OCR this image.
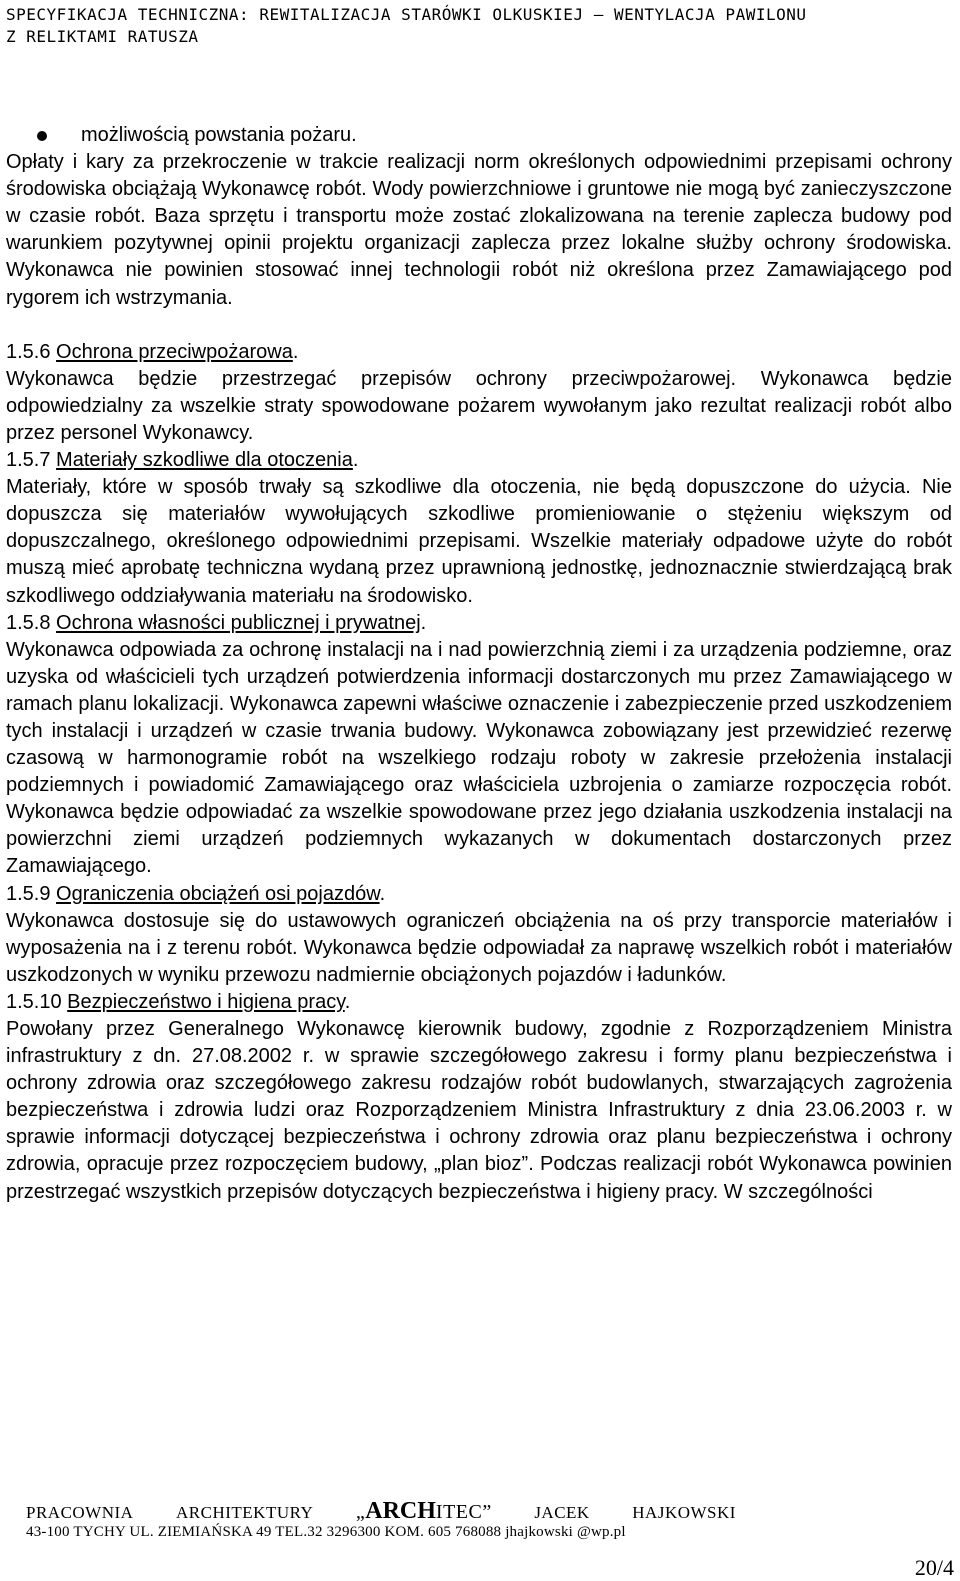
SPECYFIKACJA TECHNICZNA: REWITALIZACJA STARÓWKI OLKUSKIEJ – WENTYLACJA PAWILONU
Z RELIKTAMI RATUSZA

możliwością powstania pożaru.

Opłaty i kary za przekroczenie w trakcie realizacji norm określonych odpowiednimi przepisami ochrony środowiska obciążają Wykonawcę robót. Wody powierzchniowe i gruntowe nie mogą być zanieczyszczone w czasie robót. Baza sprzętu i transportu może zostać zlokalizowana na terenie zaplecza budowy pod warunkiem pozytywnej opinii projektu organizacji zaplecza przez lokalne służby ochrony środowiska. Wykonawca nie powinien stosować innej technologii robót niż określona przez Zamawiającego pod rygorem ich wstrzymania.

1.5.6 Ochrona przeciwpożarowa.

Wykonawca będzie przestrzegać przepisów ochrony przeciwpożarowej. Wykonawca będzie odpowiedzialny za wszelkie straty spowodowane pożarem wywołanym jako rezultat realizacji robót albo przez personel Wykonawcy.

1.5.7 Materiały szkodliwe dla otoczenia.

Materiały, które w sposób trwały są szkodliwe dla otoczenia, nie będą dopuszczone do użycia. Nie dopuszcza się materiałów wywołujących szkodliwe promieniowanie o stężeniu większym od dopuszczalnego, określonego odpowiednimi przepisami. Wszelkie materiały odpadowe użyte do robót muszą mieć aprobatę techniczna wydaną przez uprawnioną jednostkę, jednoznacznie stwierdzającą brak szkodliwego oddziaływania materiału na środowisko.

1.5.8 Ochrona własności publicznej i prywatnej.

Wykonawca odpowiada za ochronę instalacji na i nad powierzchnią ziemi i za urządzenia podziemne, oraz uzyska od właścicieli tych urządzeń potwierdzenia informacji dostarczonych mu przez Zamawiającego w ramach planu lokalizacji. Wykonawca zapewni właściwe oznaczenie i zabezpieczenie przed uszkodzeniem tych instalacji i urządzeń w czasie trwania budowy. Wykonawca zobowiązany jest przewidzieć rezerwę czasową w harmonogramie robót na wszelkiego rodzaju roboty w zakresie przełożenia instalacji podziemnych i powiadomić Zamawiającego oraz właściciela uzbrojenia o zamiarze rozpoczęcia robót. Wykonawca będzie odpowiadać za wszelkie spowodowane przez jego działania uszkodzenia instalacji na powierzchni ziemi urządzeń podziemnych wykazanych w dokumentach dostarczonych przez Zamawiającego.

1.5.9 Ograniczenia obciążeń osi pojazdów.

Wykonawca dostosuje się do ustawowych ograniczeń obciążenia na oś przy transporcie materiałów i wyposażenia na i z terenu robót. Wykonawca będzie odpowiadał za naprawę wszelkich robót i materiałów uszkodzonych w wyniku przewozu nadmiernie obciążonych pojazdów i ładunków.

1.5.10 Bezpieczeństwo i higiena pracy.

Powołany przez Generalnego Wykonawcę kierownik budowy, zgodnie z Rozporządzeniem Ministra infrastruktury z dn. 27.08.2002 r. w sprawie szczegółowego zakresu i formy planu bezpieczeństwa i ochrony zdrowia oraz szczegółowego zakresu rodzajów robót budowlanych, stwarzających zagrożenia bezpieczeństwa i zdrowia ludzi oraz Rozporządzeniem Ministra Infrastruktury z dnia 23.06.2003 r. w sprawie informacji dotyczącej bezpieczeństwa i ochrony zdrowia oraz planu bezpieczeństwa i ochrony zdrowia, opracuje przez rozpoczęciem budowy, „plan bioz”. Podczas realizacji robót Wykonawca powinien przestrzegać wszystkich przepisów dotyczących bezpieczeństwa i higieny pracy. W szczególności

PRACOWNIA	ARCHITEKTURY „ARCHITEC”	JACEK	HAJKOWSKI
43-100 TYCHY UL. ZIEMIAŃSKA 49 TEL.32 3296300 KOM. 605 768088 jhajkowski @wp.pl
20/4
